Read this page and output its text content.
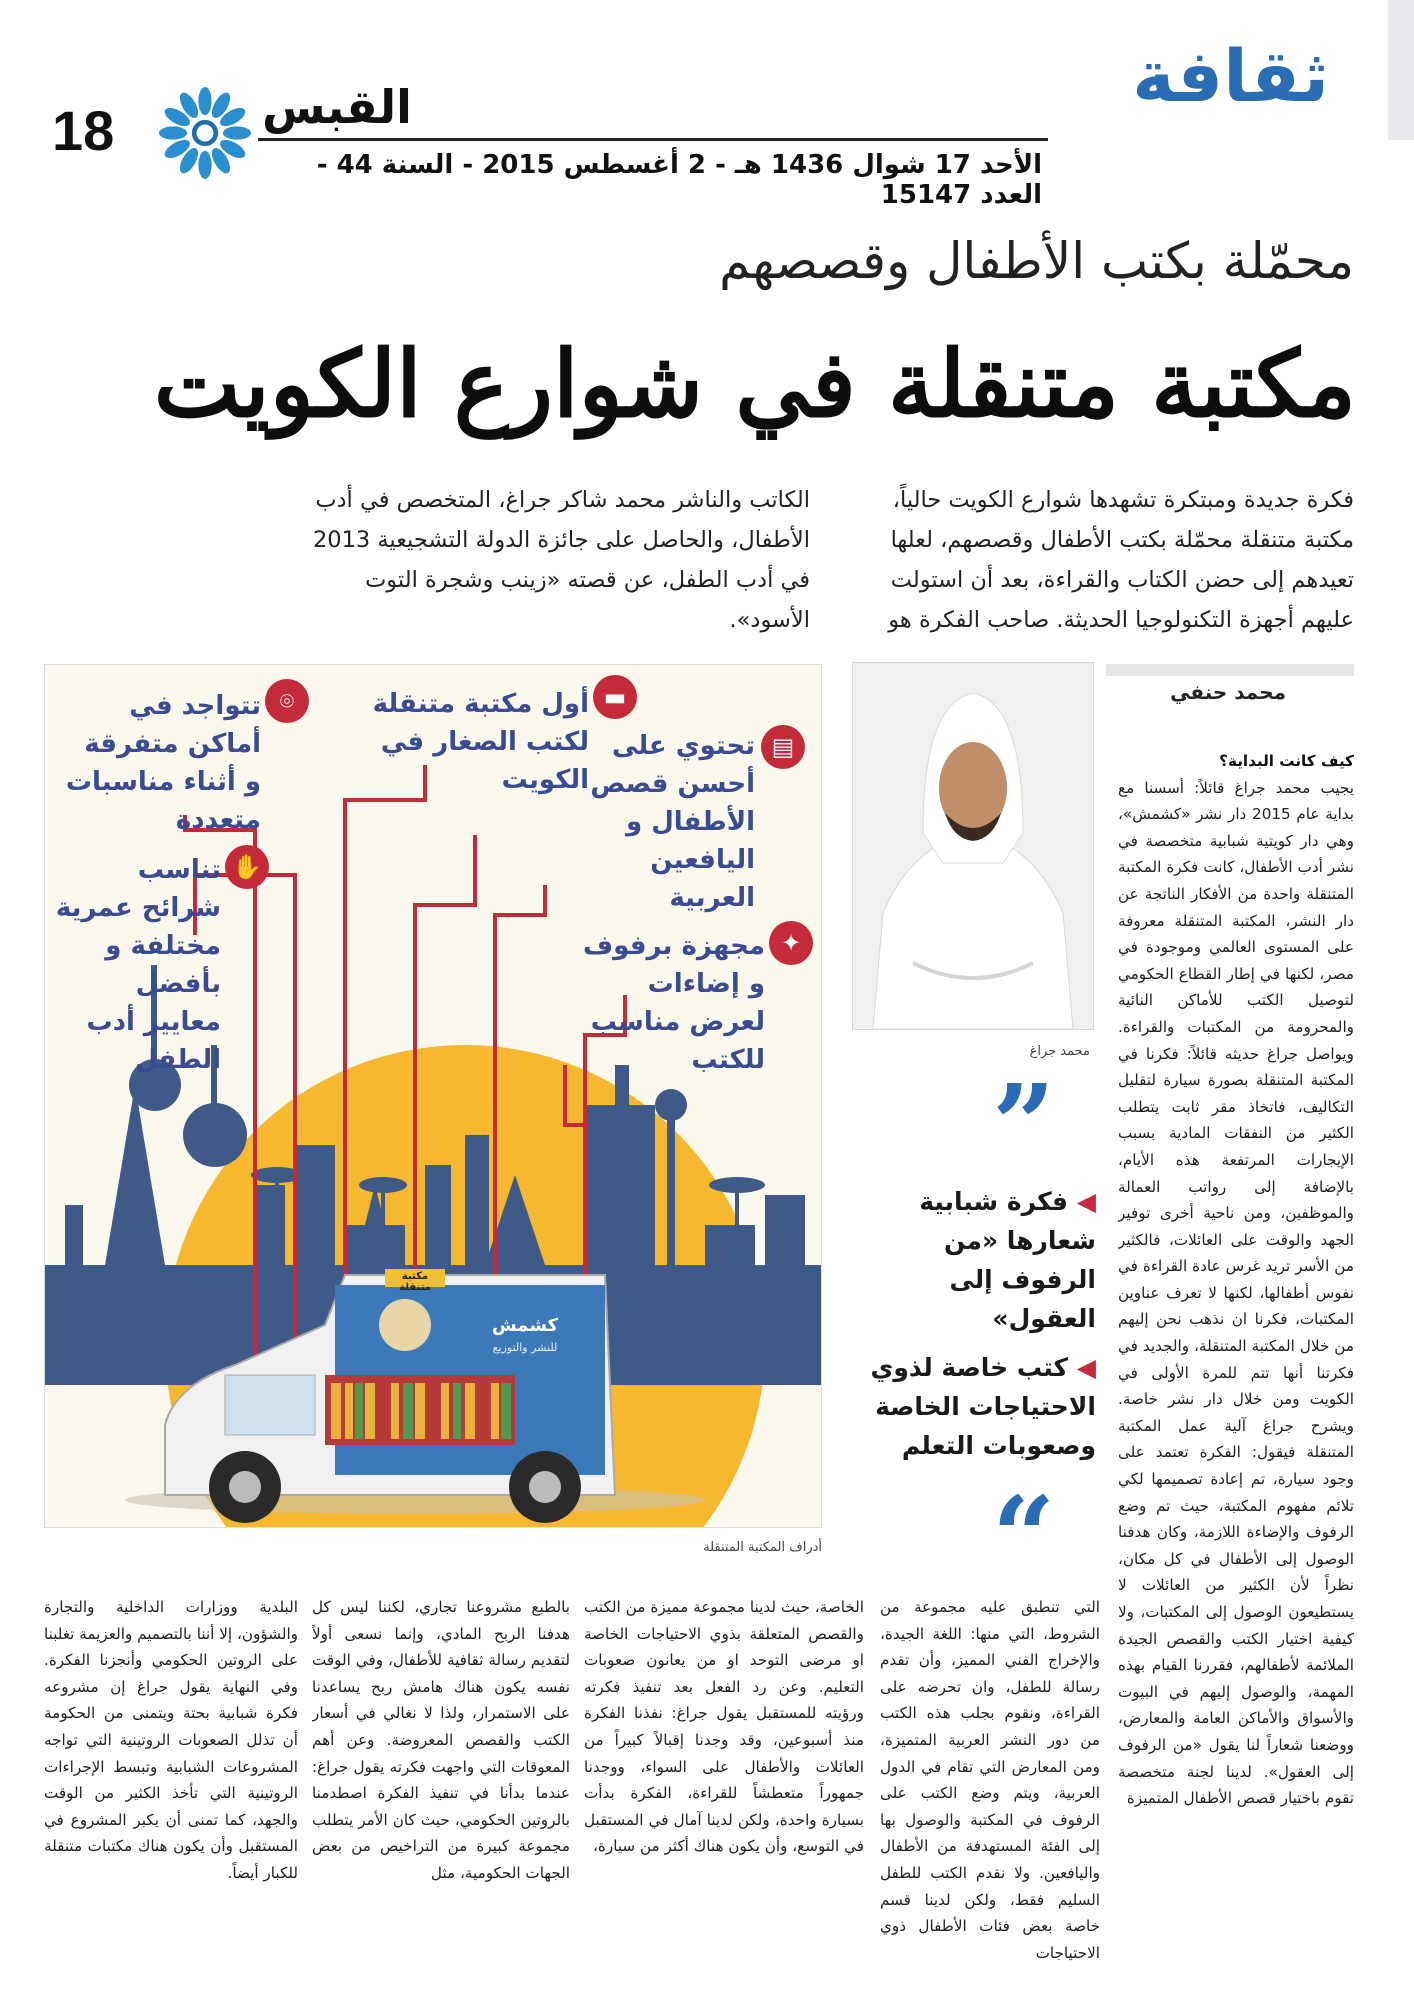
ثقافة
18	القبس
الأحد 17 شوال 1436 هـ - 2 أغسطس 2015 - السنة 44 - العدد 15147
محمّلة بكتب الأطفال وقصصهم
مكتبة متنقلة في شوارع الكويت
فكرة جديدة ومبتكرة تشهدها شوارع الكويت حالياً، مكتبة متنقلة محمّلة بكتب الأطفال وقصصهم، لعلها تعيدهم إلى حضن الكتاب والقراءة، بعد أن استولت عليهم أجهزة التكنولوجيا الحديثة. صاحب الفكرة هو
الكاتب والناشر محمد شاكر جراغ، المتخصص في أدب الأطفال، والحاصل على جائزة الدولة التشجيعية 2013 في أدب الطفل، عن قصته «زينب وشجرة التوت الأسود».
مكتبة متنقلة
كشمش
للنشر والتوزيع
⌾
تتواجد في أماكن متفرقة و أثناء مناسبات متعددة
▬
أول مكتبة متنقلة لكتب الصغار في الكويت
▤
تحتوي على أحسن قصص الأطفال و اليافعين العربية
✋
تناسب شرائح عمرية مختلفة و بأفضل معايير أدب الطفل
✦
مجهزة برفوف و إضاءات لعرض مناسب للكتب
أدراف المكتبة المتنقلة
محمد حنفي
محمد جراغ
”
◀ فكرة شبابية شعارها «من الرفوف إلى العقول»
◀ كتب خاصة لذوي الاحتياجات الخاصة وصعوبات التعلم
“

كيف كانت البداية؟

يجيب محمد جراغ قائلاً: أسسنا مع بداية عام 2015 دار نشر «كشمش»، وهي دار كويتية شبابية متخصصة في نشر أدب الأطفال، كانت فكرة المكتبة المتنقلة واحدة من الأفكار الناتجة عن دار النشر، المكتبة المتنقلة معروفة على المستوى العالمي وموجودة في مصر، لكنها في إطار القطاع الحكومي لتوصيل الكتب للأماكن النائية والمحرومة من المكتبات والقراءة. ويواصل جراغ حديثه قائلاً: فكرنا في المكتبة المتنقلة بصورة سيارة لتقليل التكاليف، فاتخاذ مقر ثابت يتطلب الكثير من النفقات المادية بسبب الإيجارات المرتفعة هذه الأيام، بالإضافة إلى رواتب العمالة والموظفين، ومن ناحية أخرى توفير الجهد والوقت على العائلات، فالكثير من الأسر تريد غرس عادة القراءة في نفوس أطفالها، لكنها لا تعرف عناوين المكتبات، فكرنا ان نذهب نحن إليهم من خلال المكتبة المتنقلة، والجديد في فكرتنا أنها تتم للمرة الأولى في الكويت ومن خلال دار نشر خاصة. ويشرح جراغ آلية عمل المكتبة المتنقلة فيقول: الفكرة تعتمد على وجود سيارة، تم إعادة تصميمها لكي تلائم مفهوم المكتبة، حيث تم وضع الرفوف والإضاءة اللازمة، وكان هدفنا الوصول إلى الأطفال في كل مكان، نظراً لأن الكثير من العائلات لا يستطيعون الوصول إلى المكتبات، ولا كيفية اختيار الكتب والقصص الجيدة الملائمة لأطفالهم، فقررنا القيام بهذه المهمة، والوصول إليهم في البيوت والأسواق والأماكن العامة والمعارض، ووضعنا شعاراً لنا يقول «من الرفوف إلى العقول». لدينا لجنة متخصصة تقوم باختيار قصص الأطفال المتميزة

التي تنطبق عليه مجموعة من الشروط، التي منها: اللغة الجيدة، والإخراج الفني المميز، وأن تقدم رسالة للطفل، وان تحرضه على القراءة، ونقوم بجلب هذه الكتب من دور النشر العربية المتميزة، ومن المعارض التي تقام في الدول العربية، ويتم وضع الكتب على الرفوف في المكتبة والوصول بها إلى الفئة المستهدفة من الأطفال واليافعين. ولا نقدم الكتب للطفل السليم فقط، ولكن لدينا قسم خاصة بعض فئات الأطفال ذوي الاحتياجات

الخاصة، حيث لدينا مجموعة مميزة من الكتب والقصص المتعلقة بذوي الاحتياجات الخاصة او مرضى التوحد او من يعانون صعوبات التعليم. وعن رد الفعل بعد تنفيذ فكرته ورؤيته للمستقبل يقول جراغ: نفذنا الفكرة منذ أسبوعين، وقد وجدنا إقبالاً كبيراً من العائلات والأطفال على السواء، ووجدنا جمهوراً متعطشاً للقراءة، الفكرة بدأت بسيارة واحدة، ولكن لدينا آمال في المستقبل في التوسع، وأن يكون هناك أكثر من سيارة،

بالطبع مشروعنا تجاري، لكننا ليس كل هدفنا الربح المادي، وإنما نسعى أولاً لتقديم رسالة ثقافية للأطفال، وفي الوقت نفسه يكون هناك هامش ربح يساعدنا على الاستمرار، ولذا لا نغالي في أسعار الكتب والقصص المعروضة. وعن أهم المعوقات التي واجهت فكرته يقول جراغ: عندما بدأنا في تنفيذ الفكرة اصطدمنا بالروتين الحكومي، حيث كان الأمر يتطلب مجموعة كبيرة من التراخيص من بعض الجهات الحكومية، مثل

البلدية ووزارات الداخلية والتجارة والشؤون، إلا أننا بالتصميم والعزيمة تغلبنا على الروتين الحكومي وأنجزنا الفكرة. وفي النهاية يقول جراغ إن مشروعه فكرة شبابية بحتة ويتمنى من الحكومة أن تذلل الصعوبات الروتينية التي تواجه المشروعات الشبابية وتبسط الإجراءات الروتينية التي تأخذ الكثير من الوقت والجهد، كما تمنى أن يكبر المشروع في المستقبل وأن يكون هناك مكتبات متنقلة للكبار أيضاً.
